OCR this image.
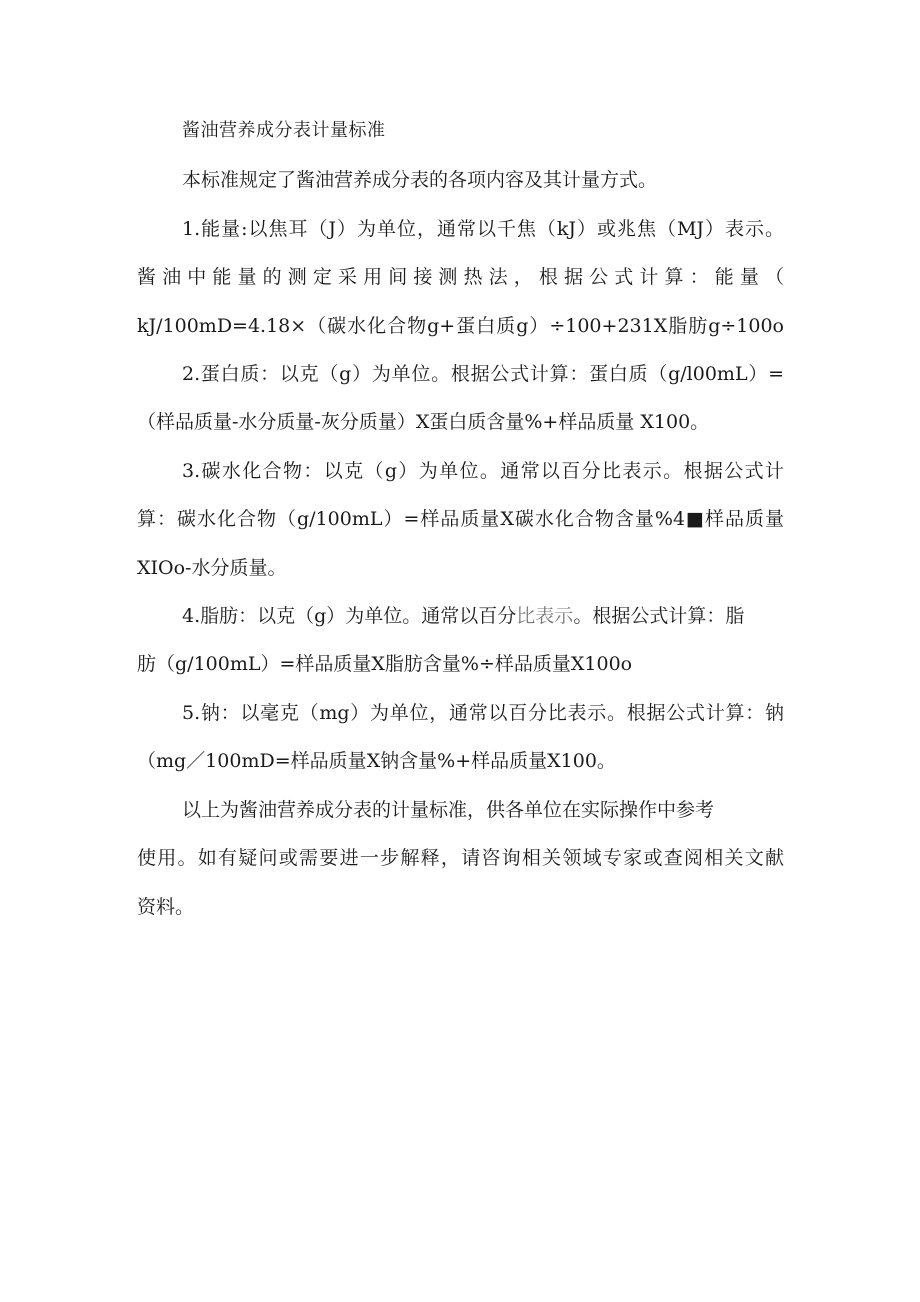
酱油营养成分表计量标准
本标准规定了酱油营养成分表的各项内容及其计量方式。
1.能量:以焦耳（J）为单位，通常以千焦（kJ）或兆焦（MJ）表示。
酱油中能量的测定采用间接测热法，根据公式计算：能量（
kJ/100mD=4.18×（碳水化合物g+蛋白质g）÷100+231X脂肪g÷100o
2.蛋白质：以克（g）为单位。根据公式计算：蛋白质（g/l00mL）=
（样品质量-水分质量-灰分质量）X蛋白质含量%+样品质量 X100。
3.碳水化合物：以克（g）为单位。通常以百分比表示。根据公式计
算：碳水化合物（g/100mL）=样品质量X碳水化合物含量%4■样品质量
XIOo-水分质量。
4.脂肪：以克（g）为单位。通常以百分比表示。根据公式计算：脂
肪（g/100mL）=样品质量X脂肪含量%÷样品质量X100o
5.钠：以毫克（mg）为单位，通常以百分比表示。根据公式计算：钠
（mg／100mD=样品质量X钠含量%+样品质量X100。
以上为酱油营养成分表的计量标准，供各单位在实际操作中参考
使用。如有疑问或需要进一步解释，请咨询相关领域专家或查阅相关文献
资料。
